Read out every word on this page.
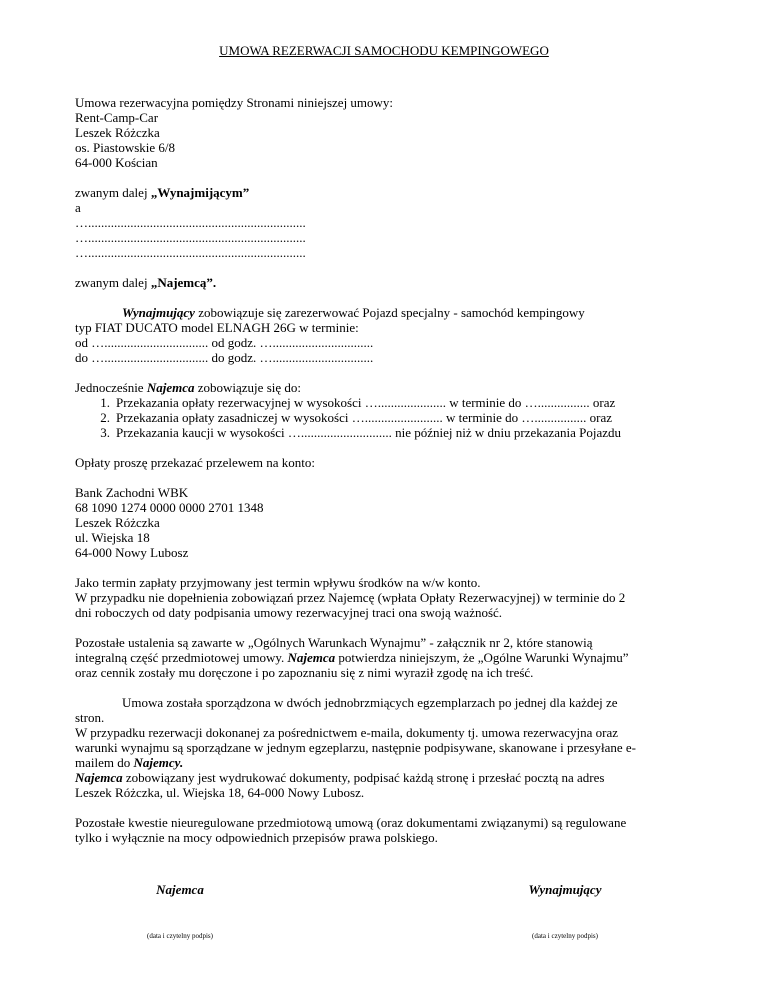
UMOWA REZERWACJI SAMOCHODU KEMPINGOWEGO
Umowa rezerwacyjna pomiędzy Stronami niniejszej umowy:
Rent-Camp-Car
Leszek Różczka
os. Piastowskie 6/8
64-000 Kościan
zwanym dalej „Wynajmijącym”
a
…...................................................................
…...................................................................
…...................................................................
zwanym dalej „Najemcą”.
Wynajmujący zobowiązuje się zarezerwować Pojazd specjalny - samochód kempingowy
typ FIAT DUCATO model ELNAGH 26G w terminie:
od …................................ od godz. …...............................
do …................................ do godz. …...............................
Jednocześnie Najemca zobowiązuje się do:
1. Przekazania opłaty rezerwacyjnej w wysokości …..................... w terminie do …................ oraz
2. Przekazania opłaty zasadniczej w wysokości …........................ w terminie do …................ oraz
3. Przekazania kaucji w wysokości …............................ nie później niż w dniu przekazania Pojazdu
Opłaty proszę przekazać przelewem na konto:
Bank Zachodni WBK
68 1090 1274 0000 0000 2701 1348
Leszek Różczka
ul. Wiejska 18
64-000 Nowy Lubosz
Jako termin zapłaty przyjmowany jest termin wpływu środków na w/w konto.
W przypadku nie dopełnienia zobowiązań przez Najemcę (wpłata Opłaty Rezerwacyjnej) w terminie do 2
dni roboczych od daty podpisania umowy rezerwacyjnej traci ona swoją ważność.
Pozostałe ustalenia są zawarte w „Ogólnych Warunkach Wynajmu” - załącznik nr 2, które stanowią
integralną część przedmiotowej umowy. Najemca potwierdza niniejszym, że „Ogólne Warunki Wynajmu”
oraz cennik zostały mu doręczone i po zapoznaniu się z nimi wyraził zgodę na ich treść.
Umowa została sporządzona w dwóch jednobrzmiących egzemplarzach po jednej dla każdej ze
stron.
W przypadku rezerwacji dokonanej za pośrednictwem e-maila, dokumenty tj. umowa rezerwacyjna oraz
warunki wynajmu są sporządzane w jednym egzeplarzu, następnie podpisywane, skanowane i przesyłane e-
mailem do Najemcy.
Najemca zobowiązany jest wydrukować dokumenty, podpisać każdą stronę i przesłać pocztą na adres
Leszek Różczka, ul. Wiejska 18, 64-000 Nowy Lubosz.
Pozostałe kwestie nieuregulowane przedmiotową umową (oraz dokumentami związanymi) są regulowane
tylko i wyłącznie na mocy odpowiednich przepisów prawa polskiego.
Najemca	Wynajmujący
(data i czytelny podpis)	(data i czytelny podpis)
